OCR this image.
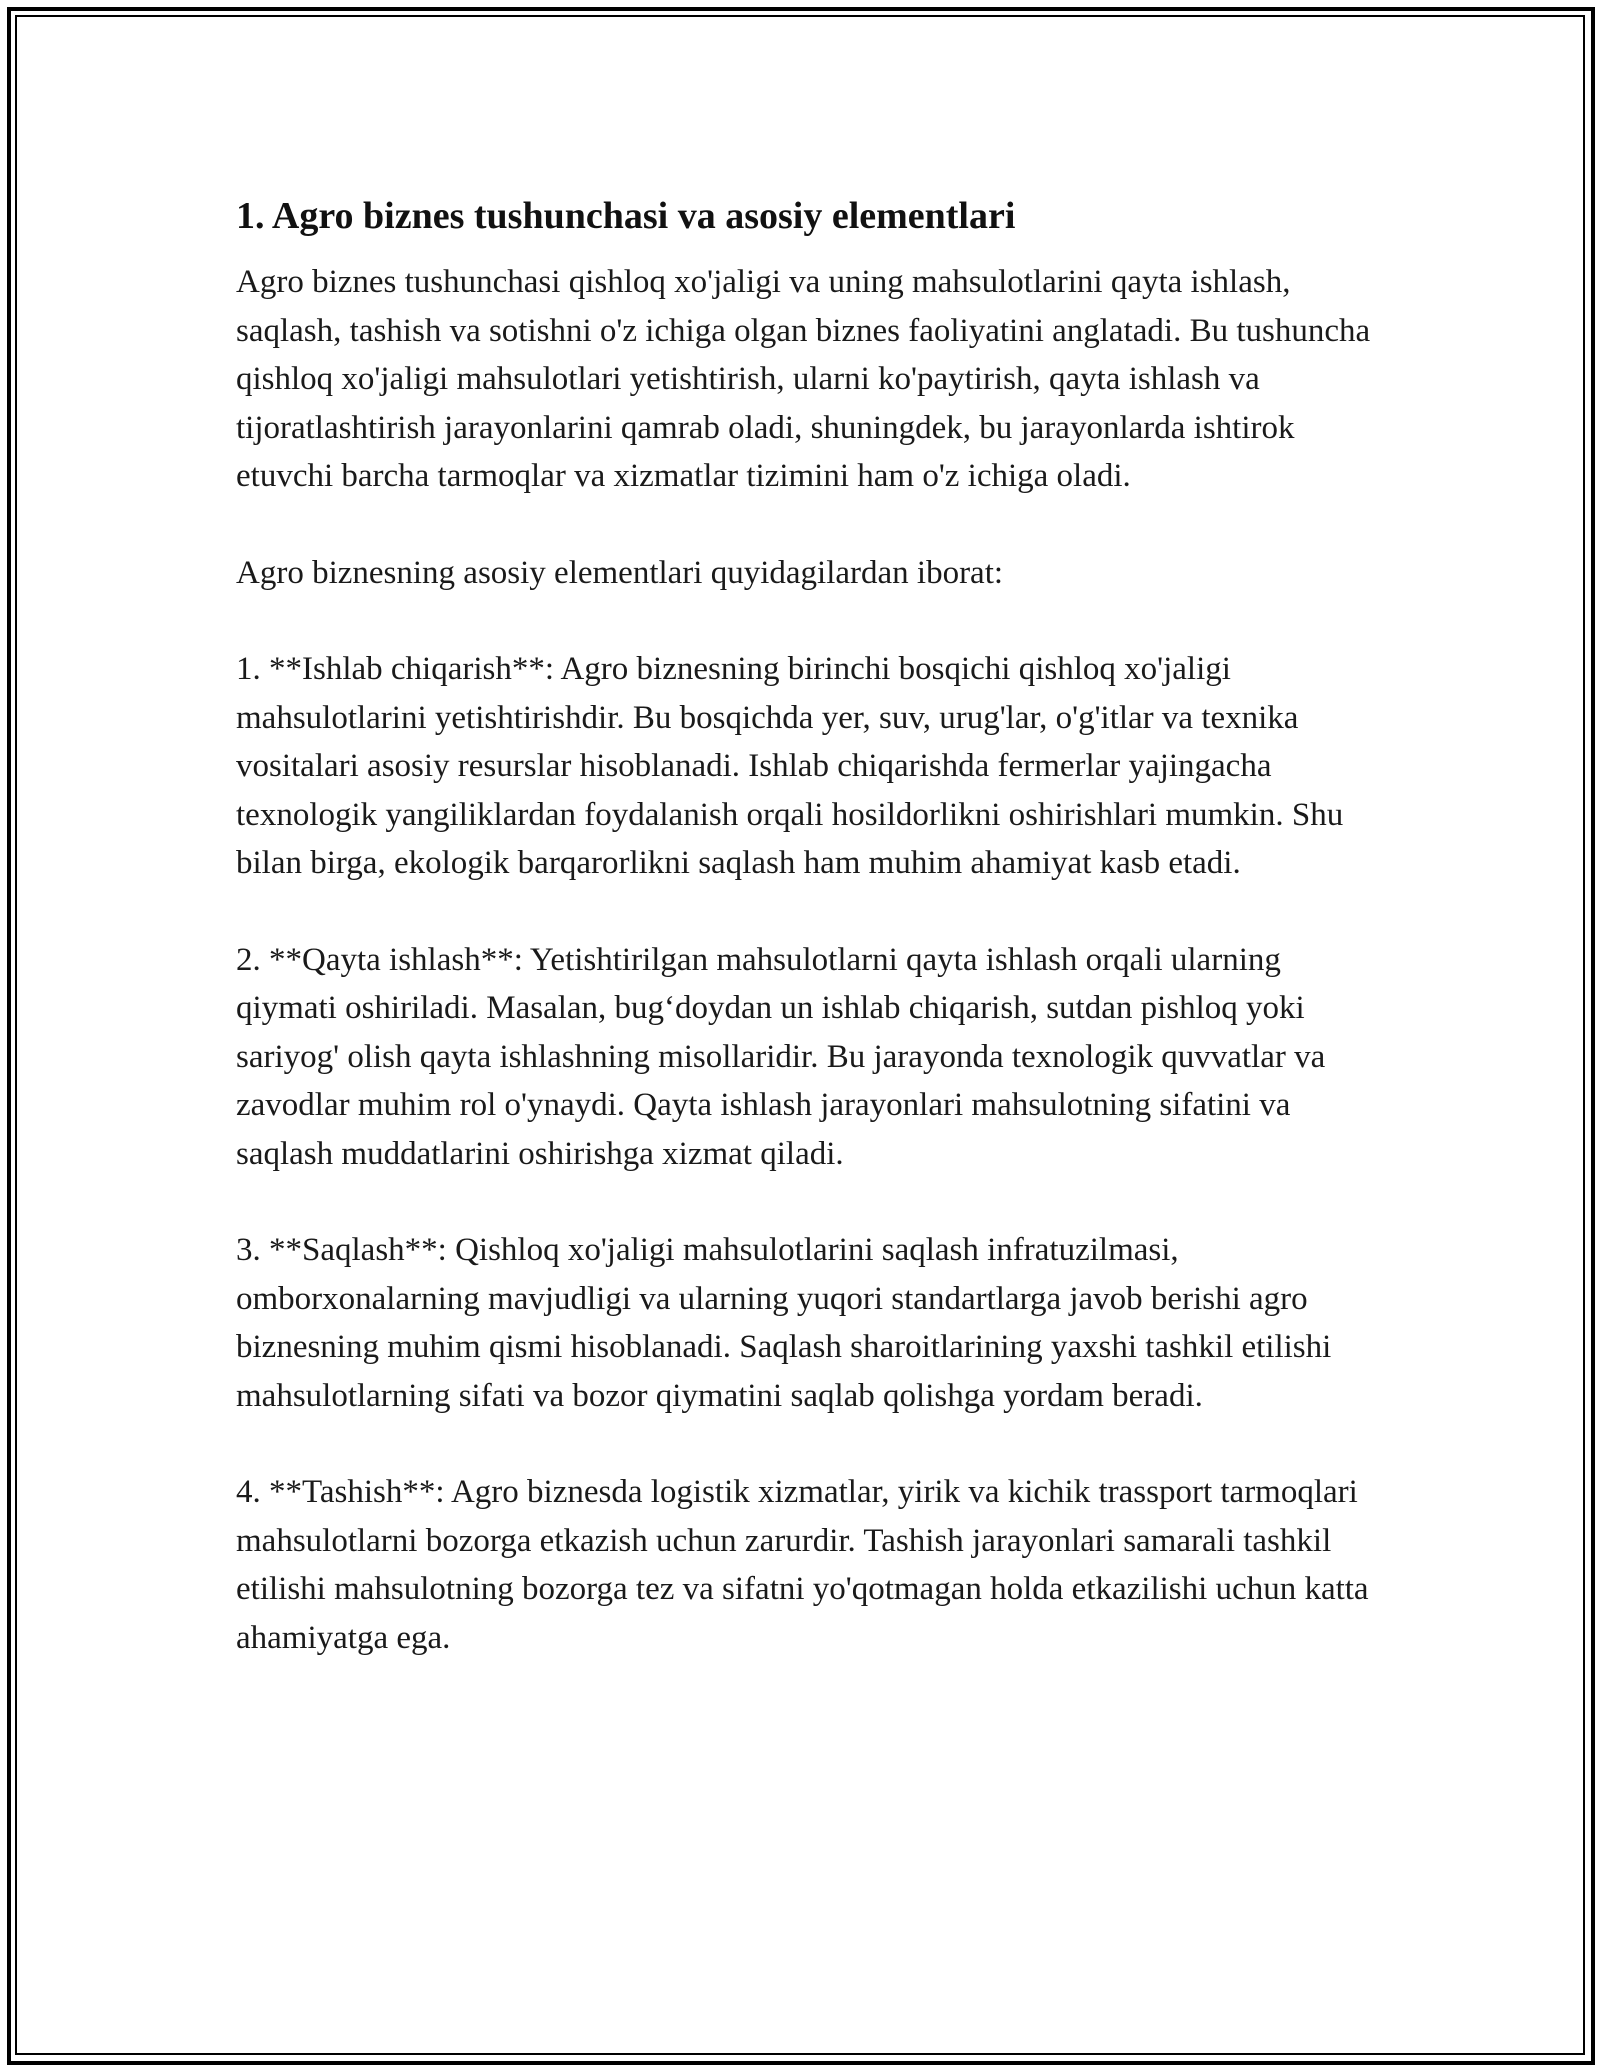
1. Agro biznes tushunchasi va asosiy elementlari

Agro biznes tushunchasi qishloq xo'jaligi va uning mahsulotlarini qayta ishlash, saqlash, tashish va sotishni o'z ichiga olgan biznes faoliyatini anglatadi. Bu tushuncha qishloq xo'jaligi mahsulotlari yetishtirish, ularni ko'paytirish, qayta ishlash va tijoratlashtirish jarayonlarini qamrab oladi, shuningdek, bu jarayonlarda ishtirok etuvchi barcha tarmoqlar va xizmatlar tizimini ham o'z ichiga oladi.

Agro biznesning asosiy elementlari quyidagilardan iborat:

1. **Ishlab chiqarish**: Agro biznesning birinchi bosqichi qishloq xo'jaligi mahsulotlarini yetishtirishdir. Bu bosqichda yer, suv, urug'lar, o'g'itlar va texnika vositalari asosiy resurslar hisoblanadi. Ishlab chiqarishda fermerlar yajingacha texnologik yangiliklardan foydalanish orqali hosildorlikni oshirishlari mumkin. Shu bilan birga, ekologik barqarorlikni saqlash ham muhim ahamiyat kasb etadi.

2. **Qayta ishlash**: Yetishtirilgan mahsulotlarni qayta ishlash orqali ularning qiymati oshiriladi. Masalan, bug‘doydan un ishlab chiqarish, sutdan pishloq yoki sariyog' olish qayta ishlashning misollaridir. Bu jarayonda texnologik quvvatlar va zavodlar muhim rol o'ynaydi. Qayta ishlash jarayonlari mahsulotning sifatini va saqlash muddatlarini oshirishga xizmat qiladi.

3. **Saqlash**: Qishloq xo'jaligi mahsulotlarini saqlash infratuzilmasi, omborxonalarning mavjudligi va ularning yuqori standartlarga javob berishi agro biznesning muhim qismi hisoblanadi. Saqlash sharoitlarining yaxshi tashkil etilishi mahsulotlarning sifati va bozor qiymatini saqlab qolishga yordam beradi.

4. **Tashish**: Agro biznesda logistik xizmatlar, yirik va kichik trassport tarmoqlari mahsulotlarni bozorga etkazish uchun zarurdir. Tashish jarayonlari samarali tashkil etilishi mahsulotning bozorga tez va sifatni yo'qotmagan holda etkazilishi uchun katta ahamiyatga ega.
